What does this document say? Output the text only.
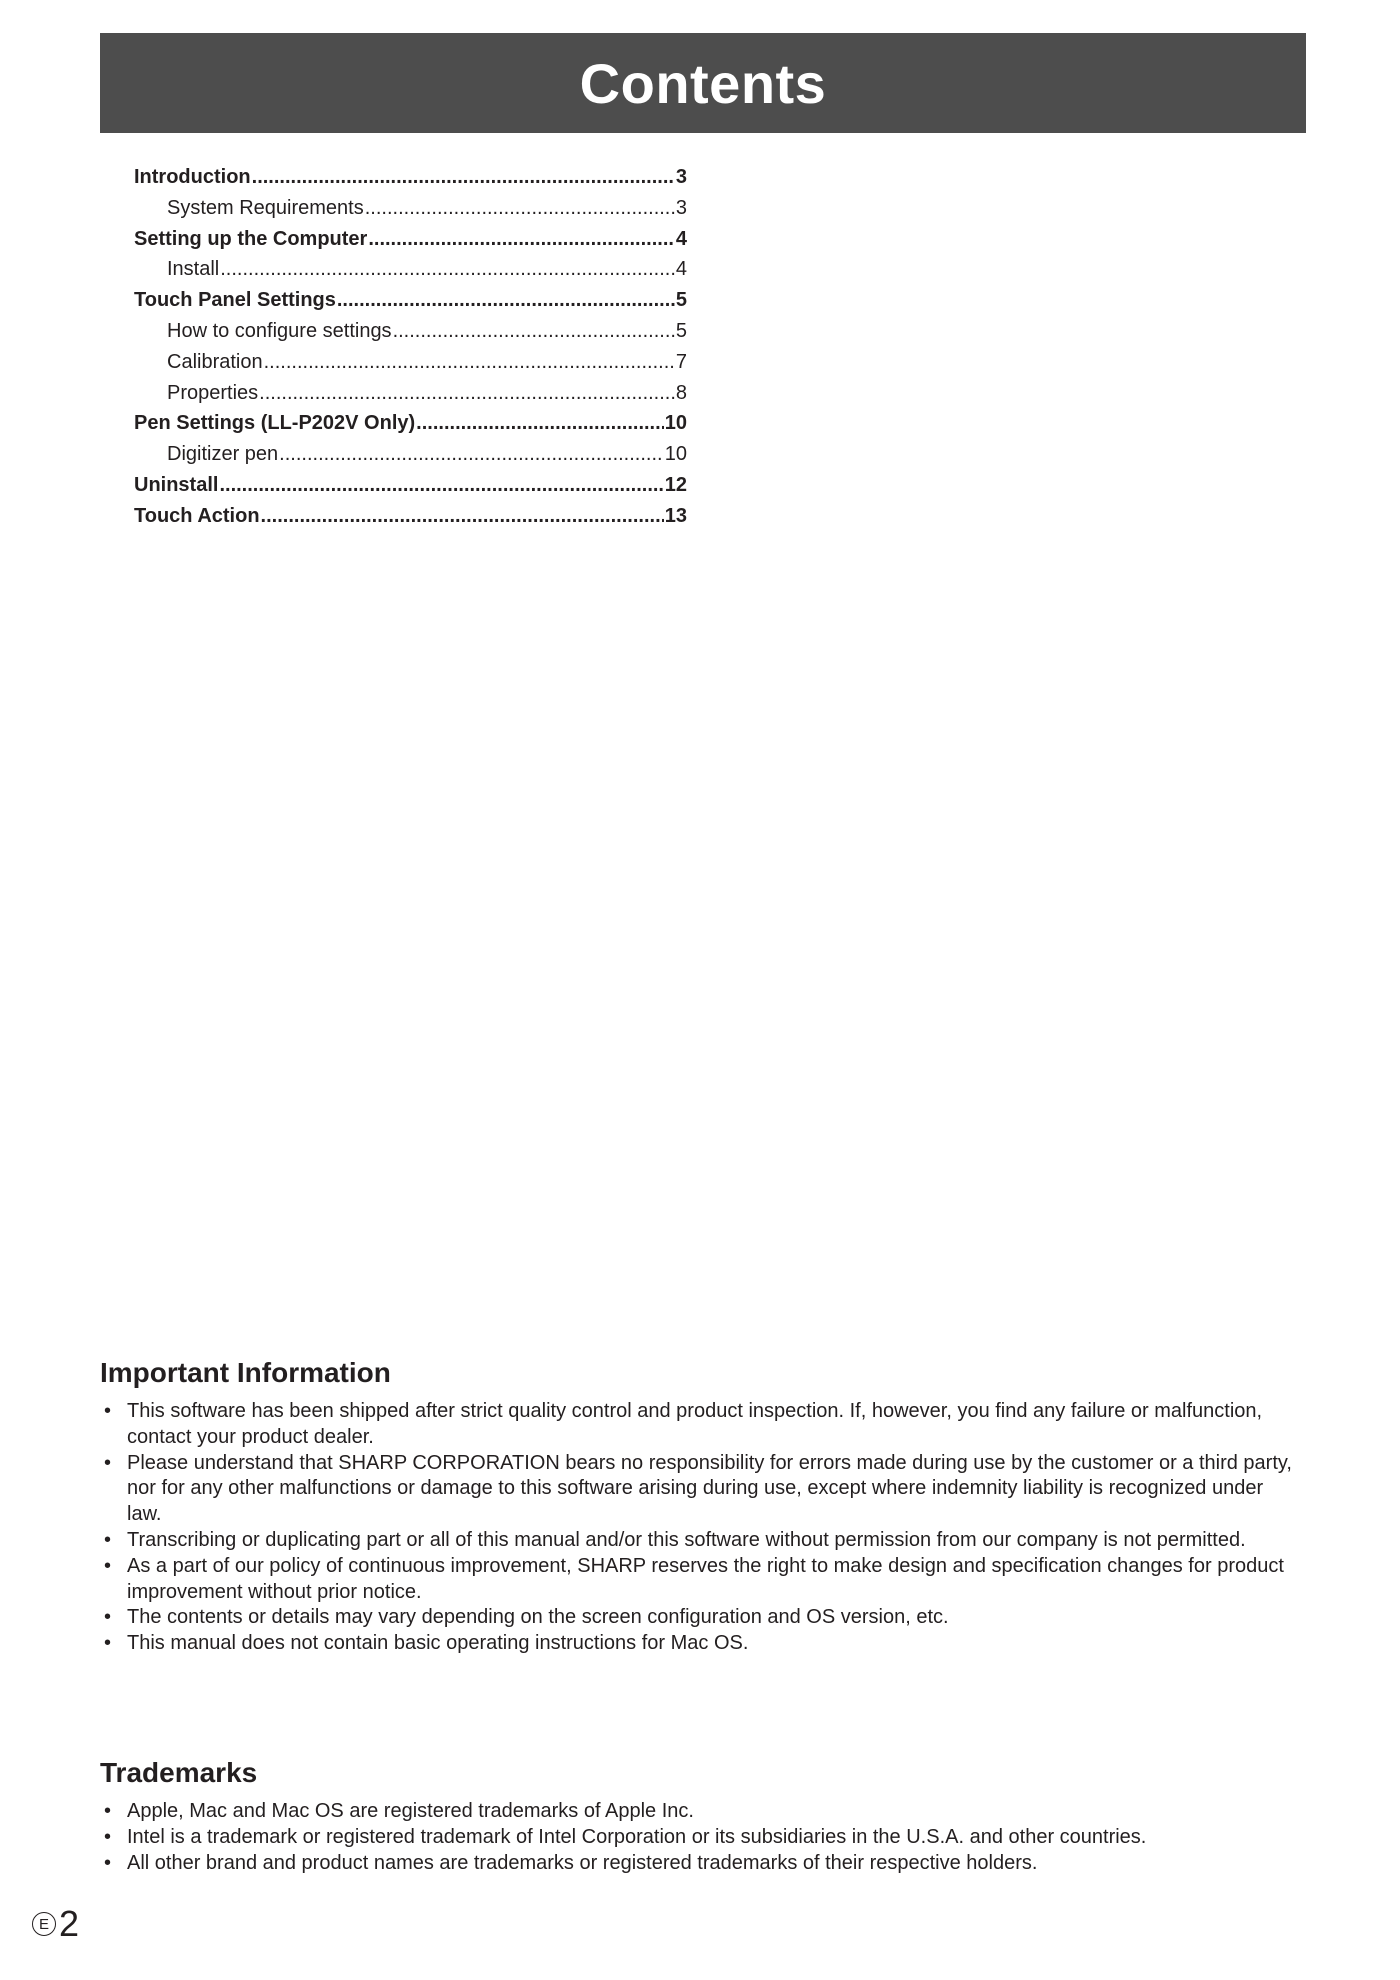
Contents
Introduction .....	3
System Requirements .....	3
Setting up the Computer .....	4
Install .....	4
Touch Panel Settings .....	5
How to configure settings .....	5
Calibration .....	7
Properties .....	8
Pen Settings (LL-P202V Only) .....	10
Digitizer pen .....	10
Uninstall .....	12
Touch Action .....	13
Important Information
• This software has been shipped after strict quality control and product inspection. If, however, you find any failure or malfunction, contact your product dealer.
• Please understand that SHARP CORPORATION bears no responsibility for errors made during use by the customer or a third party, nor for any other malfunctions or damage to this software arising during use, except where indemnity liability is recognized under law.
• Transcribing or duplicating part or all of this manual and/or this software without permission from our company is not permitted.
• As a part of our policy of continuous improvement, SHARP reserves the right to make design and specification changes for product improvement without prior notice.
• The contents or details may vary depending on the screen configuration and OS version, etc.
• This manual does not contain basic operating instructions for Mac OS.
Trademarks
• Apple, Mac and Mac OS are registered trademarks of Apple Inc.
• Intel is a trademark or registered trademark of Intel Corporation or its subsidiaries in the U.S.A. and other countries.
• All other brand and product names are trademarks or registered trademarks of their respective holders.
E 2
